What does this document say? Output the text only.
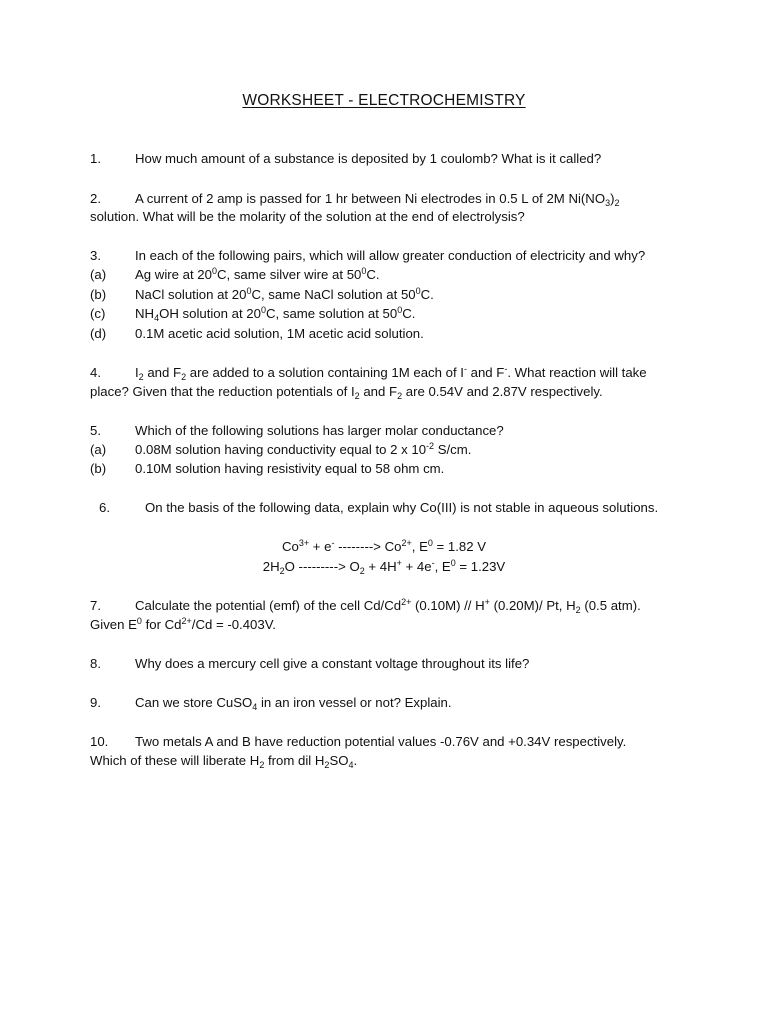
WORKSHEET - ELECTROCHEMISTRY
1.	How much amount of a substance is deposited by 1 coulomb? What is it called?
2.	A current of 2 amp is passed for 1 hr between Ni electrodes in 0.5 L of 2M $Ni(NO_3)_2$
solution. What will be the molarity of the solution at the end of electrolysis?
3.	In each of the following pairs, which will allow greater conduction of electricity and why?
(a) Ag wire at $20^0C$, same silver wire at $50^0C$.
(b) NaCl solution at $20^0C$, same NaCl solution at $50^0C$.
(c) $NH_4OH$ solution at $20^0C$, same solution at $50^0C$.
(d) 0.1M acetic acid solution, 1M acetic acid solution.
4.	$I_2$ and $F_2$ are added to a solution containing 1M each of I- and F-. What reaction will take
place? Given that the reduction potentials of $I_2$ and $F_2$ are 0.54V and 2.87V respectively.
5.	Which of the following solutions has larger molar conductance?
(a) 0.08M solution having conductivity equal to 2 x $10^{-2}$ S/cm.
(b) 0.10M solution having resistivity equal to 58 ohm cm.
6.	On the basis of the following data, explain why Co(III) is not stable in aqueous solutions.
$Co^{3+} + e^-$ --------> $Co^{2+}$, $E^0 = 1.82$ V
$2H_2O$ ---------> $O_2 + 4H^+ + 4e^-$, $E^0 = 1.23V$
7.	Calculate the potential (emf) of the cell $Cd/Cd^{2+}$ (0.10M) // H+ (0.20M)/ Pt, $H_2$ (0.5 atm).
Given $E^0$ for $Cd^{2+}/Cd = -0.403V$.
8.	Why does a mercury cell give a constant voltage throughout its life?
9.	Can we store CuSO$_4$ in an iron vessel or not? Explain.
10. Two metals A and B have reduction potential values -0.76V and +0.34V respectively.
Which of these will liberate $H_2$ from dil $H_2SO_4$.
